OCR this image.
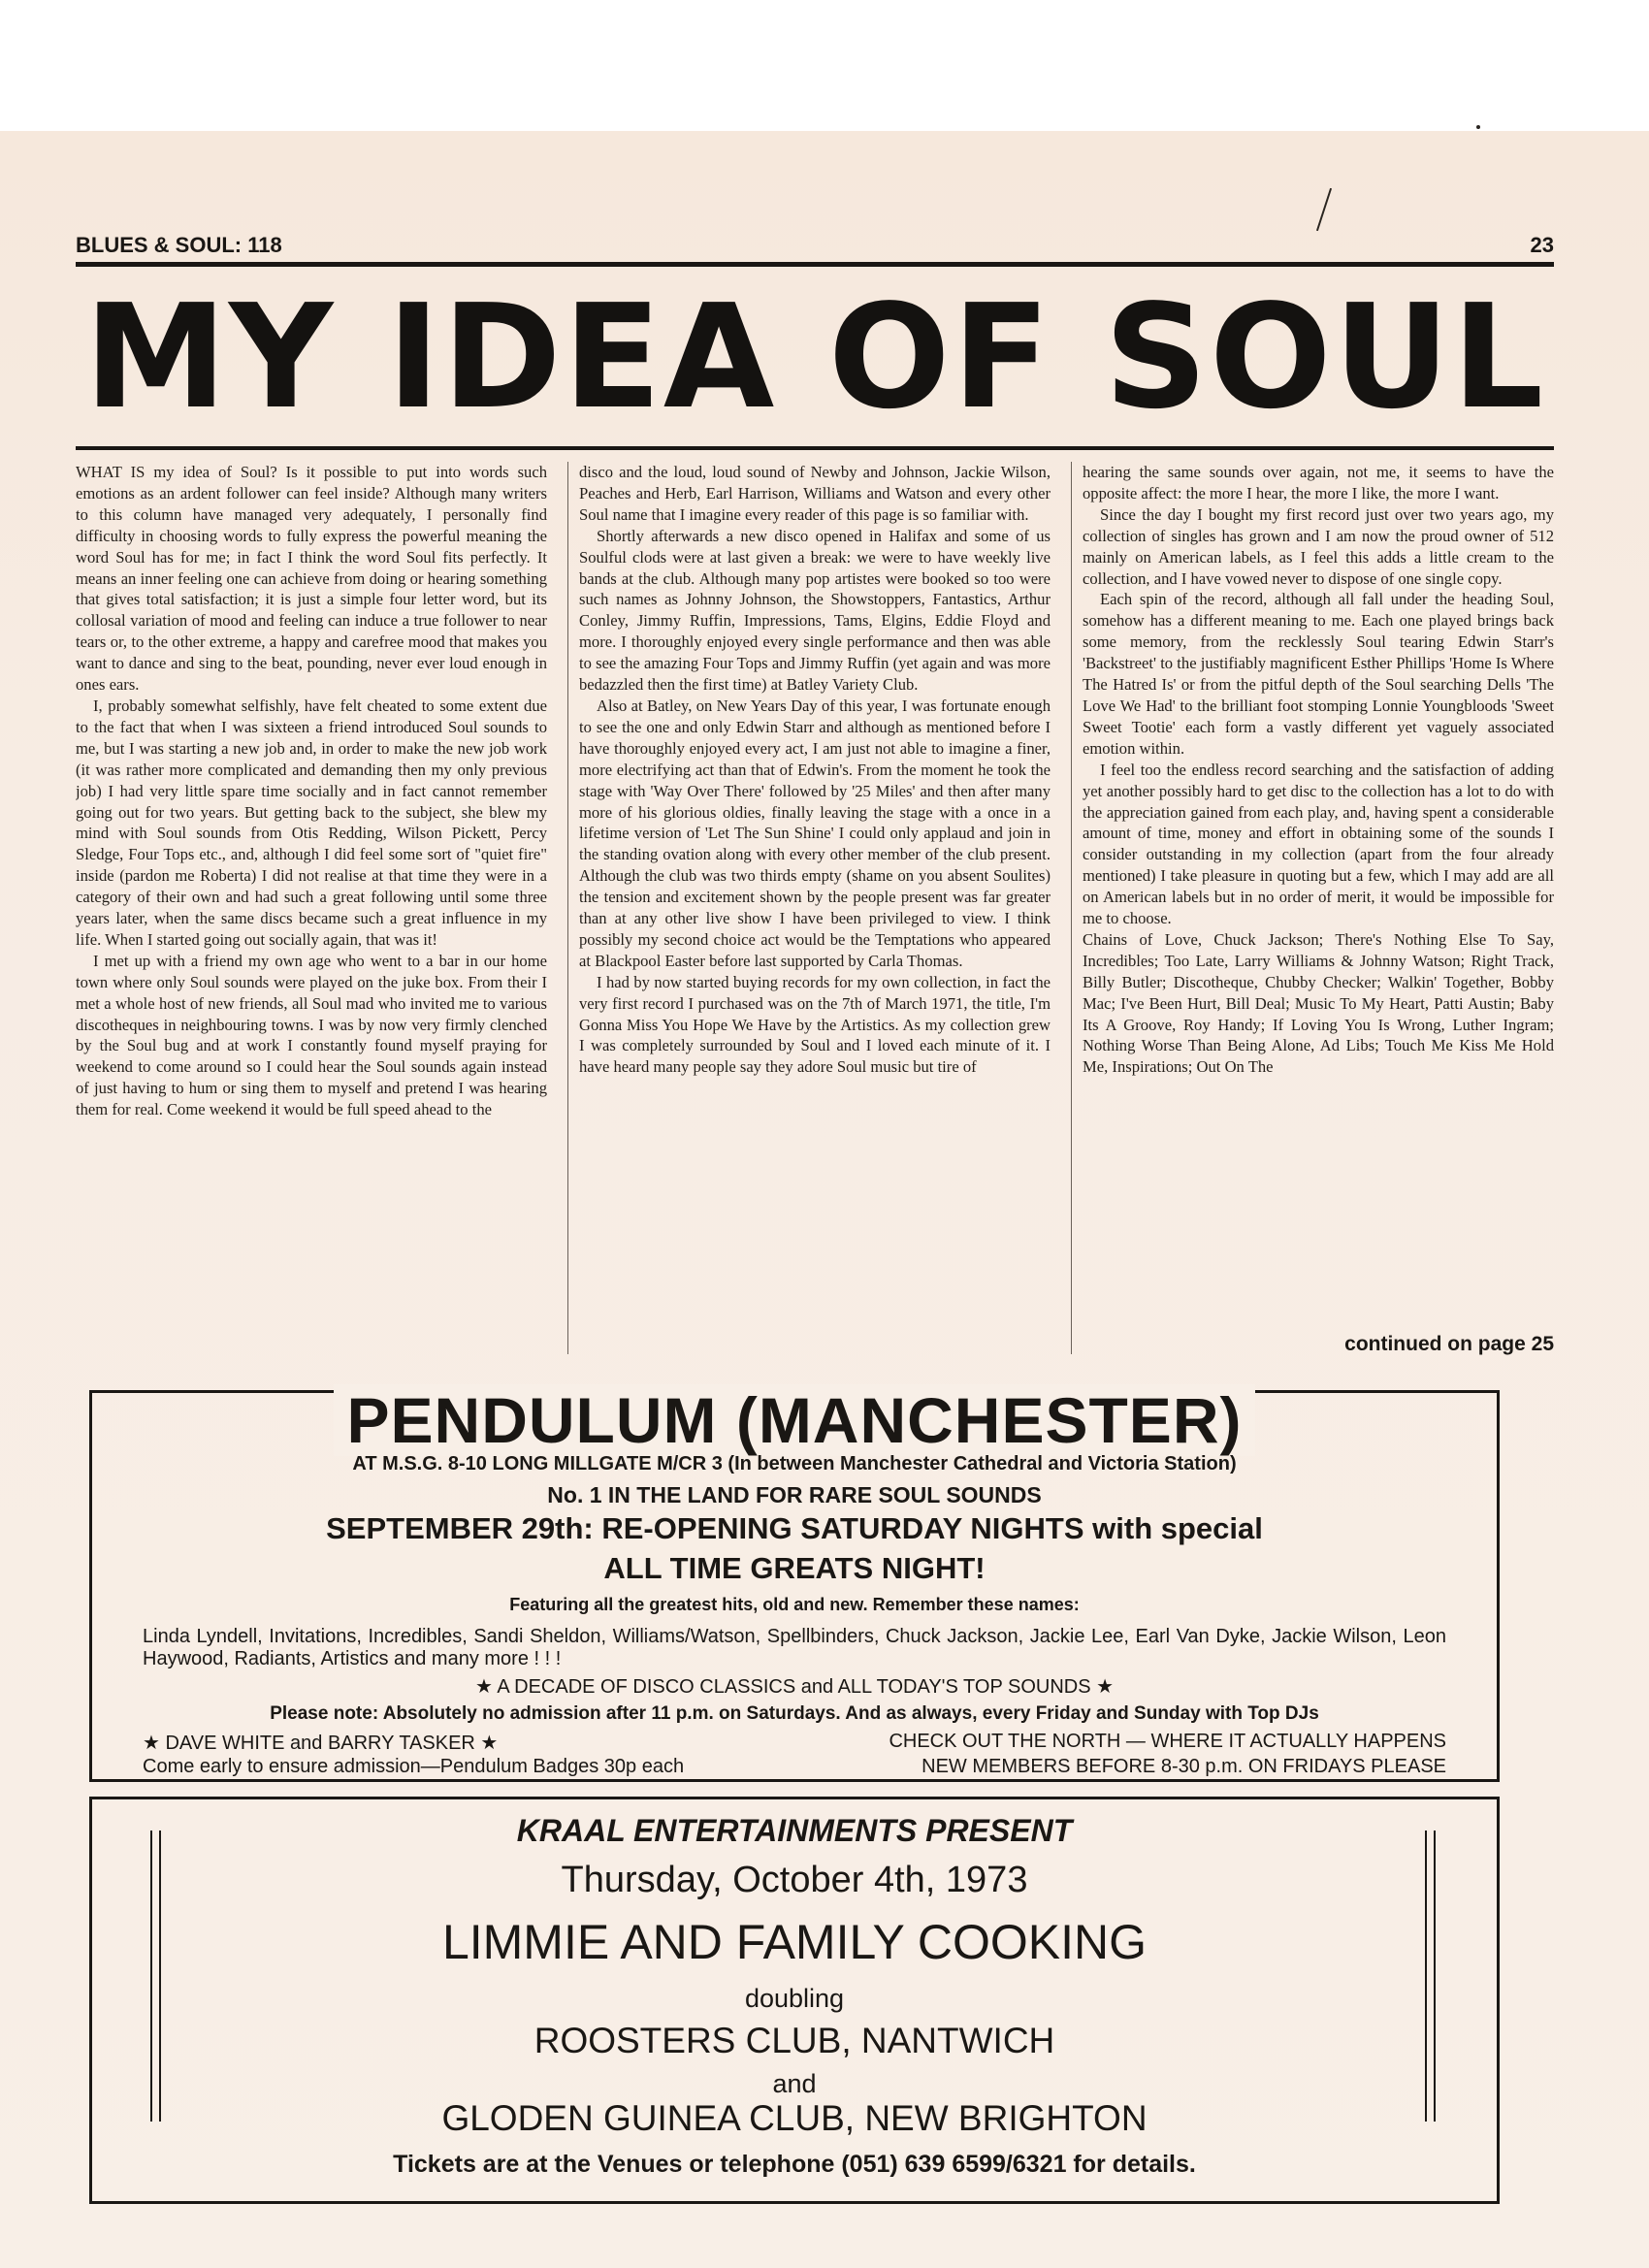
BLUES & SOUL: 118	23
MY IDEA OF SOUL

WHAT IS my idea of Soul? Is it possible to put into words such emotions as an ardent follower can feel inside? Although many writers to this column have managed very adequately, I personally find difficulty in choosing words to fully express the powerful meaning the word Soul has for me; in fact I think the word Soul fits perfectly. It means an inner feeling one can achieve from doing or hearing something that gives total satisfaction; it is just a simple four letter word, but its collosal variation of mood and feeling can induce a true follower to near tears or, to the other extreme, a happy and carefree mood that makes you want to dance and sing to the beat, pounding, never ever loud enough in ones ears.

I, probably somewhat selfishly, have felt cheated to some extent due to the fact that when I was sixteen a friend introduced Soul sounds to me, but I was starting a new job and, in order to make the new job work (it was rather more complicated and demanding then my only previous job) I had very little spare time socially and in fact cannot remember going out for two years. But getting back to the subject, she blew my mind with Soul sounds from Otis Redding, Wilson Pickett, Percy Sledge, Four Tops etc., and, although I did feel some sort of "quiet fire" inside (pardon me Roberta) I did not realise at that time they were in a category of their own and had such a great following until some three years later, when the same discs became such a great influence in my life. When I started going out socially again, that was it!

I met up with a friend my own age who went to a bar in our home town where only Soul sounds were played on the juke box. From their I met a whole host of new friends, all Soul mad who invited me to various discotheques in neighbouring towns. I was by now very firmly clenched by the Soul bug and at work I constantly found myself praying for weekend to come around so I could hear the Soul sounds again instead of just having to hum or sing them to myself and pretend I was hearing them for real. Come weekend it would be full speed ahead to the

disco and the loud, loud sound of Newby and Johnson, Jackie Wilson, Peaches and Herb, Earl Harrison, Williams and Watson and every other Soul name that I imagine every reader of this page is so familiar with.

Shortly afterwards a new disco opened in Halifax and some of us Soulful clods were at last given a break: we were to have weekly live bands at the club. Although many pop artistes were booked so too were such names as Johnny Johnson, the Showstoppers, Fantastics, Arthur Conley, Jimmy Ruffin, Impressions, Tams, Elgins, Eddie Floyd and more. I thoroughly enjoyed every single performance and then was able to see the amazing Four Tops and Jimmy Ruffin (yet again and was more bedazzled then the first time) at Batley Variety Club.

Also at Batley, on New Years Day of this year, I was fortunate enough to see the one and only Edwin Starr and although as mentioned before I have thoroughly enjoyed every act, I am just not able to imagine a finer, more electrifying act than that of Edwin's. From the moment he took the stage with 'Way Over There' followed by '25 Miles' and then after many more of his glorious oldies, finally leaving the stage with a once in a lifetime version of 'Let The Sun Shine' I could only applaud and join in the standing ovation along with every other member of the club present. Although the club was two thirds empty (shame on you absent Soulites) the tension and excitement shown by the people present was far greater than at any other live show I have been privileged to view. I think possibly my second choice act would be the Temptations who appeared at Blackpool Easter before last supported by Carla Thomas.

I had by now started buying records for my own collection, in fact the very first record I purchased was on the 7th of March 1971, the title, I'm Gonna Miss You Hope We Have by the Artistics. As my collection grew I was completely surrounded by Soul and I loved each minute of it. I have heard many people say they adore Soul music but tire of

hearing the same sounds over again, not me, it seems to have the opposite affect: the more I hear, the more I like, the more I want.

Since the day I bought my first record just over two years ago, my collection of singles has grown and I am now the proud owner of 512 mainly on American labels, as I feel this adds a little cream to the collection, and I have vowed never to dispose of one single copy.

Each spin of the record, although all fall under the heading Soul, somehow has a different meaning to me. Each one played brings back some memory, from the recklessly Soul tearing Edwin Starr's 'Backstreet' to the justifiably magnificent Esther Phillips 'Home Is Where The Hatred Is' or from the pitful depth of the Soul searching Dells 'The Love We Had' to the brilliant foot stomping Lonnie Youngbloods 'Sweet Sweet Tootie' each form a vastly different yet vaguely associated emotion within.

I feel too the endless record searching and the satisfaction of adding yet another possibly hard to get disc to the collection has a lot to do with the appreciation gained from each play, and, having spent a considerable amount of time, money and effort in obtaining some of the sounds I consider outstanding in my collection (apart from the four already mentioned) I take pleasure in quoting but a few, which I may add are all on American labels but in no order of merit, it would be impossible for me to choose.

Chains of Love, Chuck Jackson; There's Nothing Else To Say, Incredibles; Too Late, Larry Williams & Johnny Watson; Right Track, Billy Butler; Discotheque, Chubby Checker; Walkin' Together, Bobby Mac; I've Been Hurt, Bill Deal; Music To My Heart, Patti Austin; Baby Its A Groove, Roy Handy; If Loving You Is Wrong, Luther Ingram; Nothing Worse Than Being Alone, Ad Libs; Touch Me Kiss Me Hold Me, Inspirations; Out On The

continued on page 25
PENDULUM (MANCHESTER)
AT M.S.G. 8-10 LONG MILLGATE M/CR 3 (In between Manchester Cathedral and Victoria Station)
No. 1 IN THE LAND FOR RARE SOUL SOUNDS
SEPTEMBER 29th: RE-OPENING SATURDAY NIGHTS with special
ALL TIME GREATS NIGHT!
Featuring all the greatest hits, old and new. Remember these names:
Linda Lyndell, Invitations, Incredibles, Sandi Sheldon, Williams/Watson, Spellbinders, Chuck Jackson, Jackie Lee, Earl Van Dyke, Jackie Wilson, Leon Haywood, Radiants, Artistics and many more ! ! !
★ A DECADE OF DISCO CLASSICS and ALL TODAY'S TOP SOUNDS ★
Please note: Absolutely no admission after 11 p.m. on Saturdays. And as always, every Friday and Sunday with Top DJs
★ DAVE WHITE and BARRY TASKER ★	CHECK OUT THE NORTH — WHERE IT ACTUALLY HAPPENS
Come early to ensure admission—Pendulum Badges 30p each	NEW MEMBERS BEFORE 8-30 p.m. ON FRIDAYS PLEASE
KRAAL ENTERTAINMENTS PRESENT
Thursday, October 4th, 1973
LIMMIE AND FAMILY COOKING
doubling
ROOSTERS CLUB, NANTWICH
and
GLODEN GUINEA CLUB, NEW BRIGHTON
Tickets are at the Venues or telephone (051) 639 6599/6321 for details.
